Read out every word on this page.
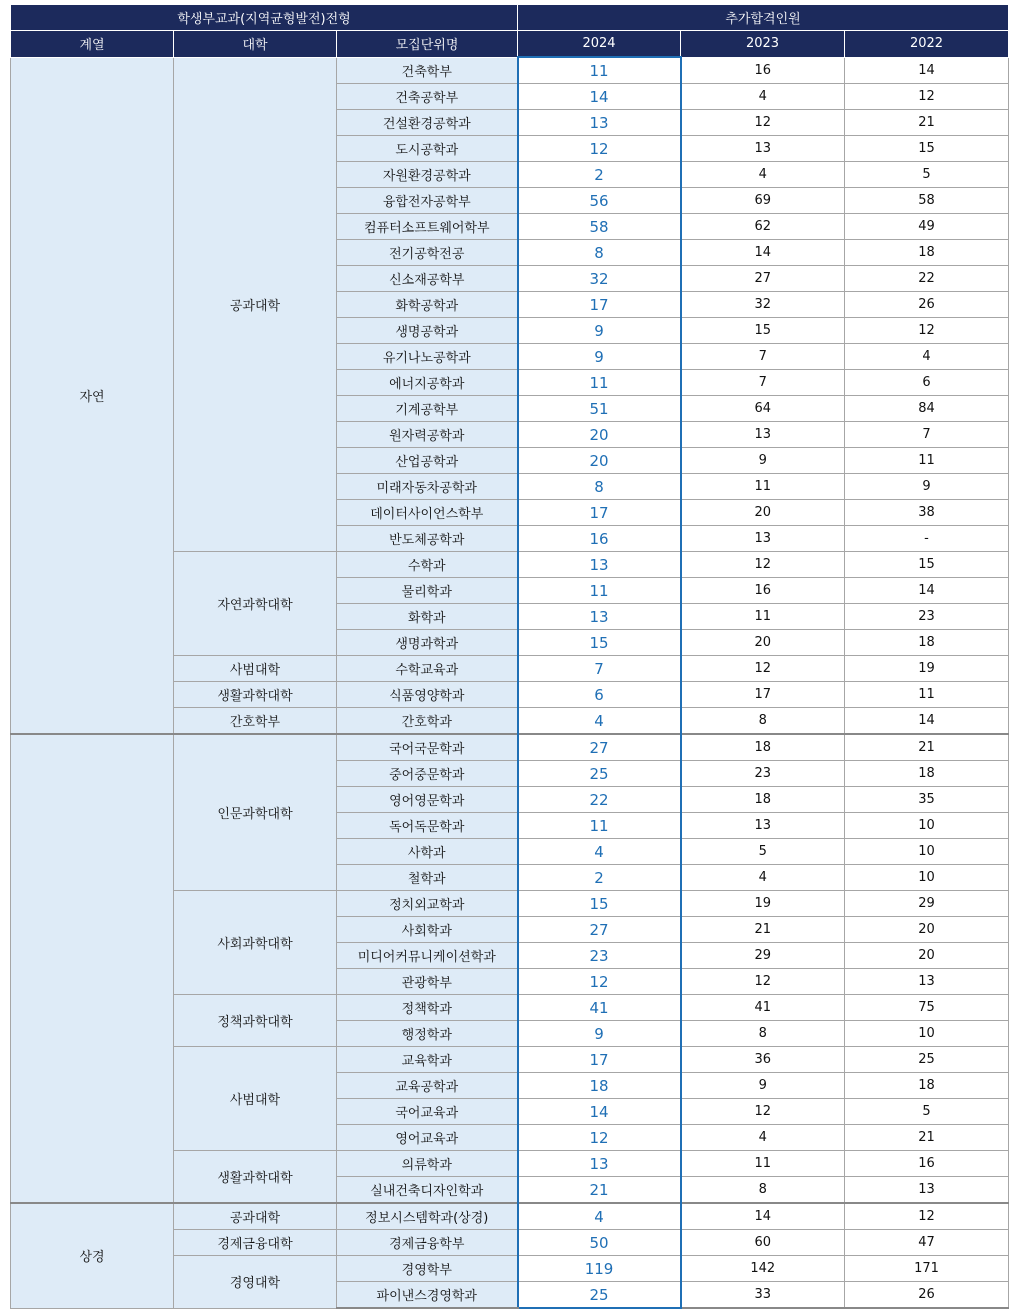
학생부교과(지역균형발전)전형			추가합격인원		
계열	대학	모집단위명	2024	2023	2022
자연	공과대학	건축학부	11	16	14
		건축공학부	14	4	12
		건설환경공학과	13	12	21
		도시공학과	12	13	15
		자원환경공학과	2	4	5
		융합전자공학부	56	69	58
		컴퓨터소프트웨어학부	58	62	49
		전기공학전공	8	14	18
		신소재공학부	32	27	22
		화학공학과	17	32	26
		생명공학과	9	15	12
		유기나노공학과	9	7	4
		에너지공학과	11	7	6
		기계공학부	51	64	84
		원자력공학과	20	13	7
		산업공학과	20	9	11
		미래자동차공학과	8	11	9
		데이터사이언스학부	17	20	38
		반도체공학과	16	13	-
	자연과학대학	수학과	13	12	15
		물리학과	11	16	14
		화학과	13	11	23
		생명과학과	15	20	18
	사범대학	수학교육과	7	12	19
	생활과학대학	식품영양학과	6	17	11
	간호학부	간호학과	4	8	14
	인문과학대학	국어국문학과	27	18	21
		중어중문학과	25	23	18
		영어영문학과	22	18	35
		독어독문학과	11	13	10
		사학과	4	5	10
		철학과	2	4	10
	사회과학대학	정치외교학과	15	19	29
		사회학과	27	21	20
		미디어커뮤니케이션학과	23	29	20
		관광학부	12	12	13
	정책과학대학	정책학과	41	41	75
		행정학과	9	8	10
	사범대학	교육학과	17	36	25
		교육공학과	18	9	18
		국어교육과	14	12	5
		영어교육과	12	4	21
	생활과학대학	의류학과	13	11	16
		실내건축디자인학과	21	8	13
상경	공과대학	정보시스템학과(상경)	4	14	12
	경제금융대학	경제금융학부	50	60	47
	경영대학	경영학부	119	142	171
		파이낸스경영학과	25	33	26
